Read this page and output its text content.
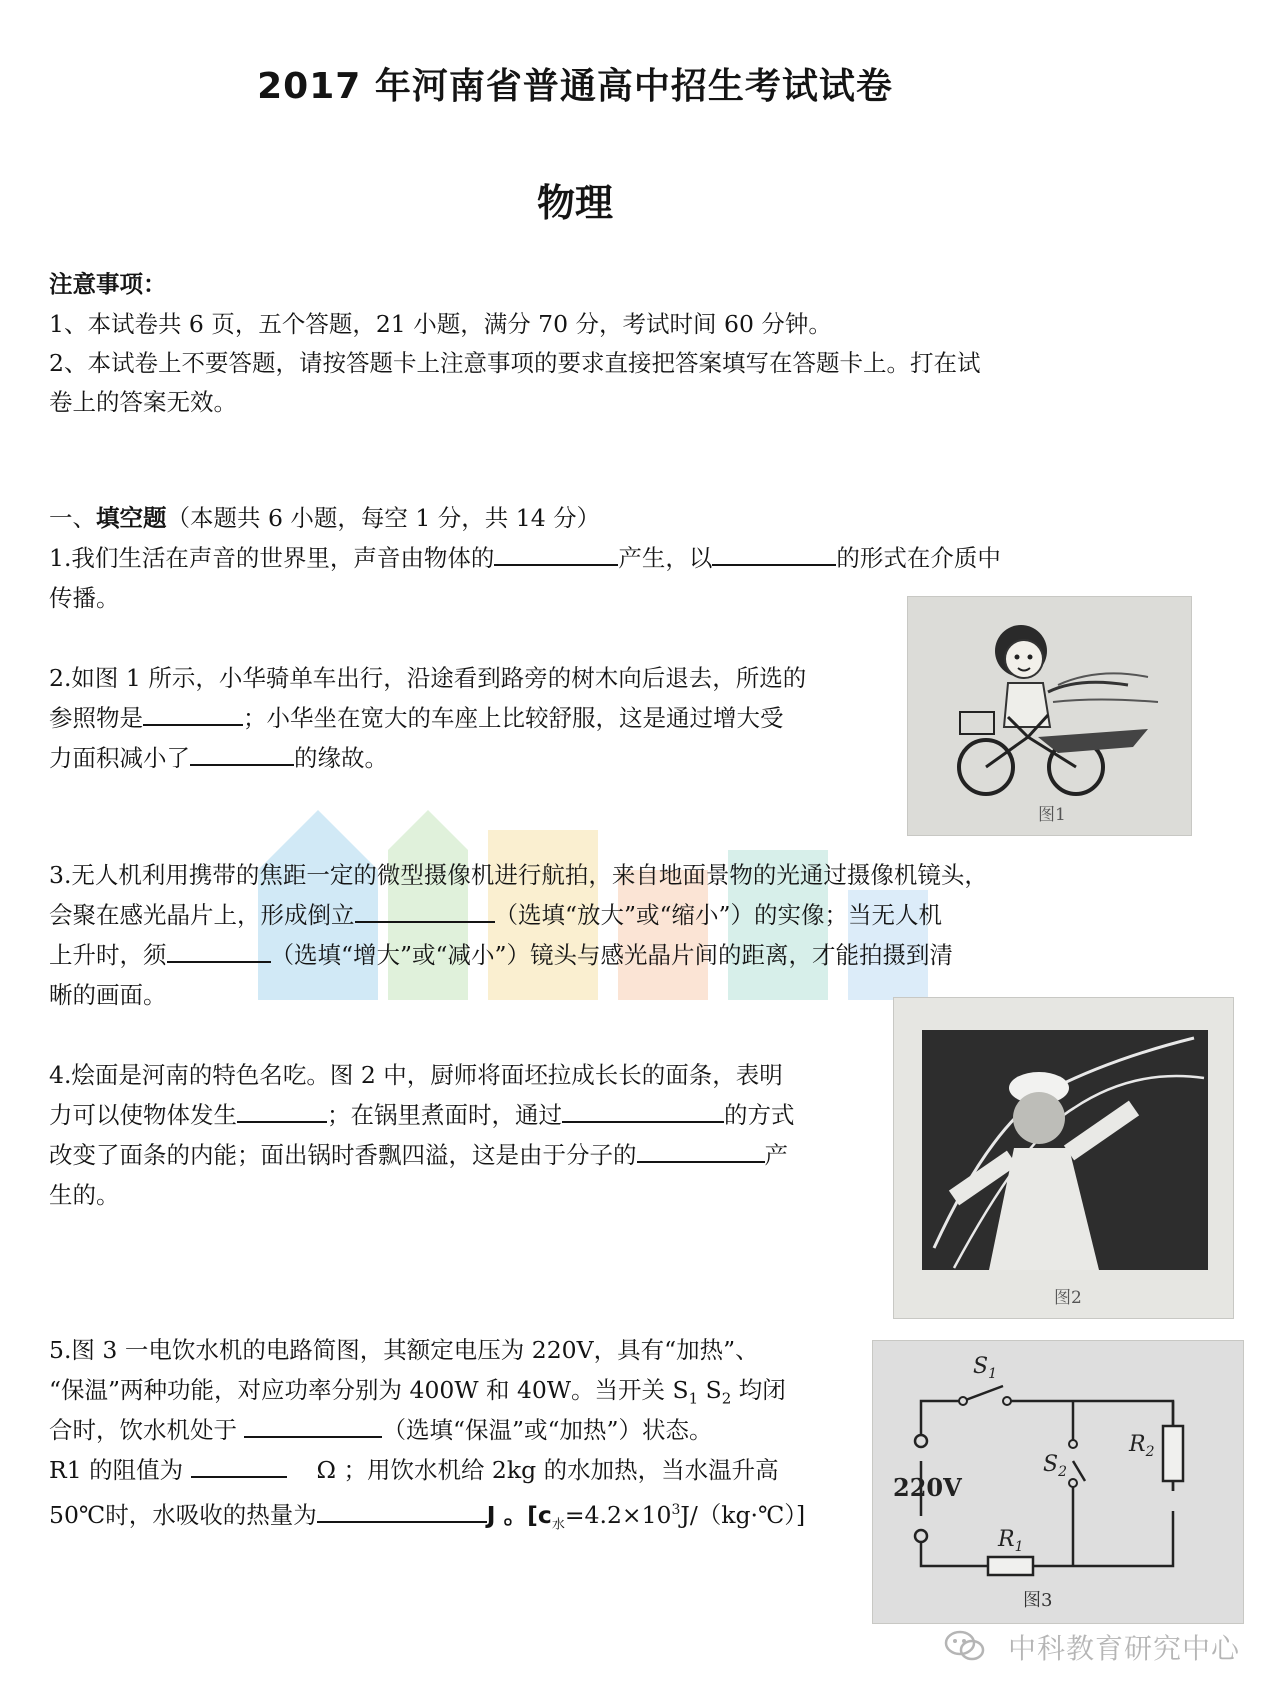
2017 年河南省普通高中招生考试试卷
物理
注意事项：
1、本试卷共 6 页，五个答题，21 小题，满分 70 分，考试时间 60 分钟。
2、本试卷上不要答题，请按答题卡上注意事项的要求直接把答案填写在答题卡上。打在试
卷上的答案无效。
一、填空题（本题共 6 小题，每空 1 分，共 14 分）
1.我们生活在声音的世界里，声音由物体的	产生，以	的形式在介质中
传播。
2.如图 1 所示，小华骑单车出行，沿途看到路旁的树木向后退去，所选的
参照物是	；小华坐在宽大的车座上比较舒服，这是通过增大受
力面积减小了	的缘故。
图1
3.无人机利用携带的焦距一定的微型摄像机进行航拍，来自地面景物的光通过摄像机镜头，
会聚在感光晶片上，形成倒立	（选填“放大”或“缩小”）的实像；当无人机
上升时，须	（选填“增大”或“减小”）镜头与感光晶片间的距离，才能拍摄到清
晰的画面。
图2
4.烩面是河南的特色名吃。图 2 中，厨师将面坯拉成长长的面条，表明
力可以使物体发生	；在锅里煮面时，通过	的方式
改变了面条的内能；面出锅时香飘四溢，这是由于分子的	产
生的。
5.图 3 一电饮水机的电路简图，其额定电压为 220V，具有“加热”、
“保温”两种功能，对应功率分别为 400W 和 40W。当开关 $S_1$ $S_2$ 均闭
合时，饮水机处于	（选填“保温”或“加热”）状态。
R1 的阻值为	Ω ；用饮水机给 2kg 的水加热，当水温升高
50℃时，水吸收的热量为	J 。$[c_水=4.2\times 10^3J/(kg\cdot℃)]$
$S_1$
$S_2$
$R_2$
$R_1$
220V
图3
中科教育研究中心
